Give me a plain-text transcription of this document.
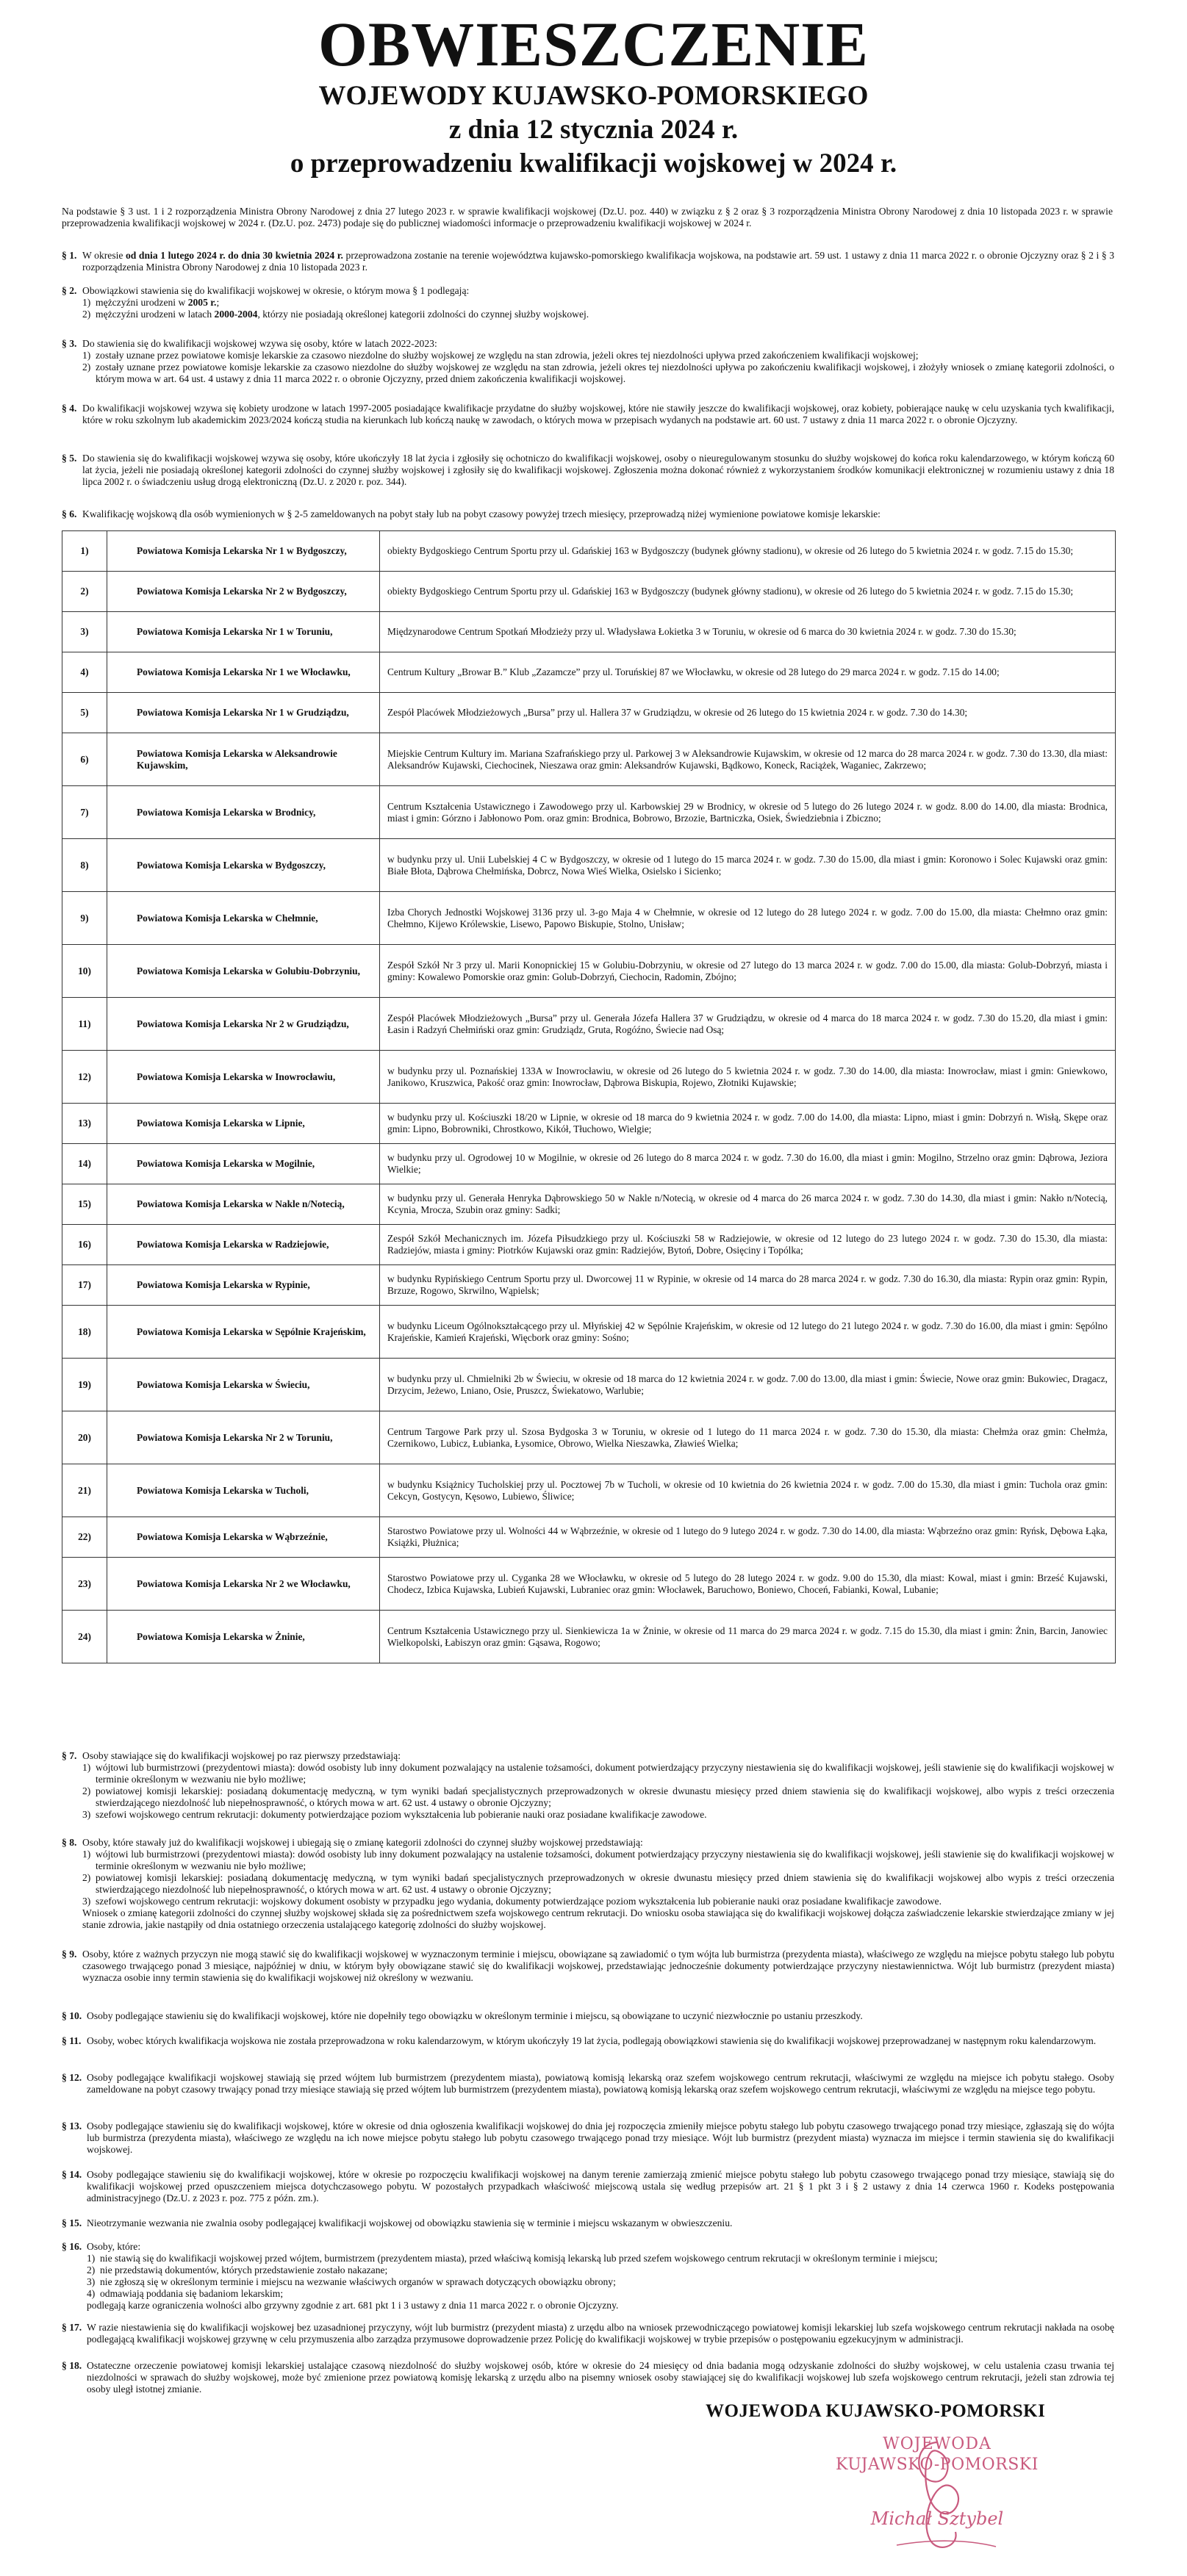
OBWIESZCZENIE
WOJEWODY KUJAWSKO-POMORSKIEGO
z dnia 12 stycznia 2024 r.
o przeprowadzeniu kwalifikacji wojskowej w 2024 r.
Na podstawie § 3 ust. 1 i 2 rozporządzenia Ministra Obrony Narodowej z dnia 27 lutego 2023 r. w sprawie kwalifikacji wojskowej (Dz.U. poz. 440) w związku z § 2 oraz § 3 rozporządzenia Ministra Obrony Narodowej z dnia 10 listopada 2023 r. w sprawie przeprowadzenia kwalifikacji wojskowej w 2024 r. (Dz.U. poz. 2473) podaje się do publicznej wiadomości informacje o przeprowadzeniu kwalifikacji wojskowej w 2024 r.
§ 1. W okresie od dnia 1 lutego 2024 r. do dnia 30 kwietnia 2024 r. przeprowadzona zostanie na terenie województwa kujawsko-pomorskiego kwalifikacja wojskowa, na podstawie art. 59 ust. 1 ustawy z dnia 11 marca 2022 r. o obronie Ojczyzny oraz § 2 i § 3 rozporządzenia Ministra Obrony Narodowej z dnia 10 listopada 2023 r.
§ 2. Obowiązkowi stawienia się do kwalifikacji wojskowej w okresie, o którym mowa § 1 podlegają:
1) mężczyźni urodzeni w 2005 r.;
2) mężczyźni urodzeni w latach 2000-2004, którzy nie posiadają określonej kategorii zdolności do czynnej służby wojskowej.
§ 3. Do stawienia się do kwalifikacji wojskowej wzywa się osoby, które w latach 2022-2023:
1) zostały uznane przez powiatowe komisje lekarskie za czasowo niezdolne do służby wojskowej ze względu na stan zdrowia, jeżeli okres tej niezdolności upływa przed zakończeniem kwalifikacji wojskowej;
2) zostały uznane przez powiatowe komisje lekarskie za czasowo niezdolne do służby wojskowej ze względu na stan zdrowia, jeżeli okres tej niezdolności upływa po zakończeniu kwalifikacji wojskowej, i złożyły wniosek o zmianę kategorii zdolności, o którym mowa w art. 64 ust. 4 ustawy z dnia 11 marca 2022 r. o obronie Ojczyzny, przed dniem zakończenia kwalifikacji wojskowej.
§ 4. Do kwalifikacji wojskowej wzywa się kobiety urodzone w latach 1997-2005 posiadające kwalifikacje przydatne do służby wojskowej, które nie stawiły jeszcze do kwalifikacji wojskowej, oraz kobiety, pobierające naukę w celu uzyskania tych kwalifikacji, które w roku szkolnym lub akademickim 2023/2024 kończą studia na kierunkach lub kończą naukę w zawodach, o których mowa w przepisach wydanych na podstawie art. 60 ust. 7 ustawy z dnia 11 marca 2022 r. o obronie Ojczyzny.
§ 5. Do stawienia się do kwalifikacji wojskowej wzywa się osoby, które ukończyły 18 lat życia i zgłosiły się ochotniczo do kwalifikacji wojskowej, osoby o nieuregulowanym stosunku do służby wojskowej do końca roku kalendarzowego, w którym kończą 60 lat życia, jeżeli nie posiadają określonej kategorii zdolności do czynnej służby wojskowej i zgłosiły się do kwalifikacji wojskowej. Zgłoszenia można dokonać również z wykorzystaniem środków komunikacji elektronicznej w rozumieniu ustawy z dnia 18 lipca 2002 r. o świadczeniu usług drogą elektroniczną (Dz.U. z 2020 r. poz. 344).
§ 6. Kwalifikację wojskową dla osób wymienionych w § 2-5 zameldowanych na pobyt stały lub na pobyt czasowy powyżej trzech miesięcy, przeprowadzą niżej wymienione powiatowe komisje lekarskie:
1)	Powiatowa Komisja Lekarska Nr 1 w Bydgoszczy,	obiekty Bydgoskiego Centrum Sportu przy ul. Gdańskiej 163 w Bydgoszczy (budynek główny stadionu), w okresie od 26 lutego do 5 kwietnia 2024 r. w godz. 7.15 do 15.30;
2)	Powiatowa Komisja Lekarska Nr 2 w Bydgoszczy,	obiekty Bydgoskiego Centrum Sportu przy ul. Gdańskiej 163 w Bydgoszczy (budynek główny stadionu), w okresie od 26 lutego do 5 kwietnia 2024 r. w godz. 7.15 do 15.30;
3)	Powiatowa Komisja Lekarska Nr 1 w Toruniu,	Międzynarodowe Centrum Spotkań Młodzieży przy ul. Władysława Łokietka 3 w Toruniu, w okresie od 6 marca do 30 kwietnia 2024 r. w godz. 7.30 do 15.30;
4)	Powiatowa Komisja Lekarska Nr 1 we Włocławku,	Centrum Kultury „Browar B.” Klub „Zazamcze” przy ul. Toruńskiej 87 we Włocławku, w okresie od 28 lutego do 29 marca 2024 r. w godz. 7.15 do 14.00;
5)	Powiatowa Komisja Lekarska Nr 1 w Grudziądzu,	Zespół Placówek Młodzieżowych „Bursa” przy ul. Hallera 37 w Grudziądzu, w okresie od 26 lutego do 15 kwietnia 2024 r. w godz. 7.30 do 14.30;
6)	Powiatowa Komisja Lekarska w Aleksandrowie Kujawskim,	Miejskie Centrum Kultury im. Mariana Szafrańskiego przy ul. Parkowej 3 w Aleksandrowie Kujawskim, w okresie od 12 marca do 28 marca 2024 r. w godz. 7.30 do 13.30, dla miast: Aleksandrów Kujawski, Ciechocinek, Nieszawa oraz gmin: Aleksandrów Kujawski, Bądkowo, Koneck, Raciążek, Waganiec, Zakrzewo;
7)	Powiatowa Komisja Lekarska w Brodnicy,	Centrum Kształcenia Ustawicznego i Zawodowego przy ul. Karbowskiej 29 w Brodnicy, w okresie od 5 lutego do 26 lutego 2024 r. w godz. 8.00 do 14.00, dla miasta: Brodnica, miast i gmin: Górzno i Jabłonowo Pom. oraz gmin: Brodnica, Bobrowo, Brzozie, Bartniczka, Osiek, Świedziebnia i Zbiczno;
8)	Powiatowa Komisja Lekarska w Bydgoszczy,	w budynku przy ul. Unii Lubelskiej 4 C w Bydgoszczy, w okresie od 1 lutego do 15 marca 2024 r. w godz. 7.30 do 15.00, dla miast i gmin: Koronowo i Solec Kujawski oraz gmin: Białe Błota, Dąbrowa Chełmińska, Dobrcz, Nowa Wieś Wielka, Osielsko i Sicienko;
9)	Powiatowa Komisja Lekarska w Chełmnie,	Izba Chorych Jednostki Wojskowej 3136 przy ul. 3-go Maja 4 w Chełmnie, w okresie od 12 lutego do 28 lutego 2024 r. w godz. 7.00 do 15.00, dla miasta: Chełmno oraz gmin: Chełmno, Kijewo Królewskie, Lisewo, Papowo Biskupie, Stolno, Unisław;
10)	Powiatowa Komisja Lekarska w Golubiu-Dobrzyniu,	Zespół Szkół Nr 3 przy ul. Marii Konopnickiej 15 w Golubiu-Dobrzyniu, w okresie od 27 lutego do 13 marca 2024 r. w godz. 7.00 do 15.00, dla miasta: Golub-Dobrzyń, miasta i gminy: Kowalewo Pomorskie oraz gmin: Golub-Dobrzyń, Ciechocin, Radomin, Zbójno;
11)	Powiatowa Komisja Lekarska Nr 2 w Grudziądzu,	Zespół Placówek Młodzieżowych „Bursa” przy ul. Generała Józefa Hallera 37 w Grudziądzu, w okresie od 4 marca do 18 marca 2024 r. w godz. 7.30 do 15.20, dla miast i gmin: Łasin i Radzyń Chełmiński oraz gmin: Grudziądz, Gruta, Rogóźno, Świecie nad Osą;
12)	Powiatowa Komisja Lekarska w Inowrocławiu,	w budynku przy ul. Poznańskiej 133A w Inowrocławiu, w okresie od 26 lutego do 5 kwietnia 2024 r. w godz. 7.30 do 14.00, dla miasta: Inowrocław, miast i gmin: Gniewkowo, Janikowo, Kruszwica, Pakość oraz gmin: Inowrocław, Dąbrowa Biskupia, Rojewo, Złotniki Kujawskie;
13)	Powiatowa Komisja Lekarska w Lipnie,	w budynku przy ul. Kościuszki 18/20 w Lipnie, w okresie od 18 marca do 9 kwietnia 2024 r. w godz. 7.00 do 14.00, dla miasta: Lipno, miast i gmin: Dobrzyń n. Wisłą, Skępe oraz gmin: Lipno, Bobrowniki, Chrostkowo, Kikół, Tłuchowo, Wielgie;
14)	Powiatowa Komisja Lekarska w Mogilnie,	w budynku przy ul. Ogrodowej 10 w Mogilnie, w okresie od 26 lutego do 8 marca 2024 r. w godz. 7.30 do 16.00, dla miast i gmin: Mogilno, Strzelno oraz gmin: Dąbrowa, Jeziora Wielkie;
15)	Powiatowa Komisja Lekarska w Nakle n/Notecią,	w budynku przy ul. Generała Henryka Dąbrowskiego 50 w Nakle n/Notecią, w okresie od 4 marca do 26 marca 2024 r. w godz. 7.30 do 14.30, dla miast i gmin: Nakło n/Notecią, Kcynia, Mrocza, Szubin oraz gminy: Sadki;
16)	Powiatowa Komisja Lekarska w Radziejowie,	Zespół Szkół Mechanicznych im. Józefa Piłsudzkiego przy ul. Kościuszki 58 w Radziejowie, w okresie od 12 lutego do 23 lutego 2024 r. w godz. 7.30 do 15.30, dla miasta: Radziejów, miasta i gminy: Piotrków Kujawski oraz gmin: Radziejów, Bytoń, Dobre, Osięciny i Topólka;
17)	Powiatowa Komisja Lekarska w Rypinie,	w budynku Rypińskiego Centrum Sportu przy ul. Dworcowej 11 w Rypinie, w okresie od 14 marca do 28 marca 2024 r. w godz. 7.30 do 16.30, dla miasta: Rypin oraz gmin: Rypin, Brzuze, Rogowo, Skrwilno, Wąpielsk;
18)	Powiatowa Komisja Lekarska w Sępólnie Krajeńskim,	w budynku Liceum Ogólnokształcącego przy ul. Młyńskiej 42 w Sępólnie Krajeńskim, w okresie od 12 lutego do 21 lutego 2024 r. w godz. 7.30 do 16.00, dla miast i gmin: Sępólno Krajeńskie, Kamień Krajeński, Więcbork oraz gminy: Sośno;
19)	Powiatowa Komisja Lekarska w Świeciu,	w budynku przy ul. Chmielniki 2b w Świeciu, w okresie od 18 marca do 12 kwietnia 2024 r. w godz. 7.00 do 13.00, dla miast i gmin: Świecie, Nowe oraz gmin: Bukowiec, Dragacz, Drzycim, Jeżewo, Lniano, Osie, Pruszcz, Świekatowo, Warlubie;
20)	Powiatowa Komisja Lekarska Nr 2 w Toruniu,	Centrum Targowe Park przy ul. Szosa Bydgoska 3 w Toruniu, w okresie od 1 lutego do 11 marca 2024 r. w godz. 7.30 do 15.30, dla miasta: Chełmża oraz gmin: Chełmża, Czernikowo, Lubicz, Łubianka, Łysomice, Obrowo, Wielka Nieszawka, Zławieś Wielka;
21)	Powiatowa Komisja Lekarska w Tucholi,	w budynku Książnicy Tucholskiej przy ul. Pocztowej 7b w Tucholi, w okresie od 10 kwietnia do 26 kwietnia 2024 r. w godz. 7.00 do 15.30, dla miast i gmin: Tuchola oraz gmin: Cekcyn, Gostycyn, Kęsowo, Lubiewo, Śliwice;
22)	Powiatowa Komisja Lekarska w Wąbrzeźnie,	Starostwo Powiatowe przy ul. Wolności 44 w Wąbrzeźnie, w okresie od 1 lutego do 9 lutego 2024 r. w godz. 7.30 do 14.00, dla miasta: Wąbrzeźno oraz gmin: Ryńsk, Dębowa Łąka, Książki, Płużnica;
23)	Powiatowa Komisja Lekarska Nr 2 we Włocławku,	Starostwo Powiatowe przy ul. Cyganka 28 we Włocławku, w okresie od 5 lutego do 28 lutego 2024 r. w godz. 9.00 do 15.30, dla miast: Kowal, miast i gmin: Brześć Kujawski, Chodecz, Izbica Kujawska, Lubień Kujawski, Lubraniec oraz gmin: Włocławek, Baruchowo, Boniewo, Choceń, Fabianki, Kowal, Lubanie;
24)	Powiatowa Komisja Lekarska w Żninie,	Centrum Kształcenia Ustawicznego przy ul. Sienkiewicza 1a w Żninie, w okresie od 11 marca do 29 marca 2024 r. w godz. 7.15 do 15.30, dla miast i gmin: Żnin, Barcin, Janowiec Wielkopolski, Łabiszyn oraz gmin: Gąsawa, Rogowo;
§ 7. Osoby stawiające się do kwalifikacji wojskowej po raz pierwszy przedstawiają:
1) wójtowi lub burmistrzowi (prezydentowi miasta): dowód osobisty lub inny dokument pozwalający na ustalenie tożsamości, dokument potwierdzający przyczyny niestawienia się do kwalifikacji wojskowej, jeśli stawienie się do kwalifikacji wojskowej w terminie określonym w wezwaniu nie było możliwe;
2) powiatowej komisji lekarskiej: posiadaną dokumentację medyczną, w tym wyniki badań specjalistycznych przeprowadzonych w okresie dwunastu miesięcy przed dniem stawienia się do kwalifikacji wojskowej, albo wypis z treści orzeczenia stwierdzającego niezdolność lub niepełnosprawność, o których mowa w art. 62 ust. 4 ustawy o obronie Ojczyzny;
3) szefowi wojskowego centrum rekrutacji: dokumenty potwierdzające poziom wykształcenia lub pobieranie nauki oraz posiadane kwalifikacje zawodowe.
§ 8. Osoby, które stawały już do kwalifikacji wojskowej i ubiegają się o zmianę kategorii zdolności do czynnej służby wojskowej przedstawiają:
1) wójtowi lub burmistrzowi (prezydentowi miasta): dowód osobisty lub inny dokument pozwalający na ustalenie tożsamości, dokument potwierdzający przyczyny niestawienia się do kwalifikacji wojskowej, jeśli stawienie się do kwalifikacji wojskowej w terminie określonym w wezwaniu nie było możliwe;
2) powiatowej komisji lekarskiej: posiadaną dokumentację medyczną, w tym wyniki badań specjalistycznych przeprowadzonych w okresie dwunastu miesięcy przed dniem stawienia się do kwalifikacji wojskowej albo wypis z treści orzeczenia stwierdzającego niezdolność lub niepełnosprawność, o których mowa w art. 62 ust. 4 ustawy o obronie Ojczyzny;
3) szefowi wojskowego centrum rekrutacji: wojskowy dokument osobisty w przypadku jego wydania, dokumenty potwierdzające poziom wykształcenia lub pobieranie nauki oraz posiadane kwalifikacje zawodowe.
Wniosek o zmianę kategorii zdolności do czynnej służby wojskowej składa się za pośrednictwem szefa wojskowego centrum rekrutacji. Do wniosku osoba stawiająca się do kwalifikacji wojskowej dołącza zaświadczenie lekarskie stwierdzające zmiany w jej stanie zdrowia, jakie nastąpiły od dnia ostatniego orzeczenia ustalającego kategorię zdolności do służby wojskowej.
§ 9. Osoby, które z ważnych przyczyn nie mogą stawić się do kwalifikacji wojskowej w wyznaczonym terminie i miejscu, obowiązane są zawiadomić o tym wójta lub burmistrza (prezydenta miasta), właściwego ze względu na miejsce pobytu stałego lub pobytu czasowego trwającego ponad 3 miesiące, najpóźniej w dniu, w którym były obowiązane stawić się do kwalifikacji wojskowej, przedstawiając jednocześnie dokumenty potwierdzające przyczyny niestawiennictwa. Wójt lub burmistrz (prezydent miasta) wyznacza osobie inny termin stawienia się do kwalifikacji wojskowej niż określony w wezwaniu.
§ 10. Osoby podlegające stawieniu się do kwalifikacji wojskowej, które nie dopełniły tego obowiązku w określonym terminie i miejscu, są obowiązane to uczynić niezwłocznie po ustaniu przeszkody.
§ 11. Osoby, wobec których kwalifikacja wojskowa nie została przeprowadzona w roku kalendarzowym, w którym ukończyły 19 lat życia, podlegają obowiązkowi stawienia się do kwalifikacji wojskowej przeprowadzanej w następnym roku kalendarzowym.
§ 12. Osoby podlegające kwalifikacji wojskowej stawiają się przed wójtem lub burmistrzem (prezydentem miasta), powiatową komisją lekarską oraz szefem wojskowego centrum rekrutacji, właściwymi ze względu na miejsce ich pobytu stałego. Osoby zameldowane na pobyt czasowy trwający ponad trzy miesiące stawiają się przed wójtem lub burmistrzem (prezydentem miasta), powiatową komisją lekarską oraz szefem wojskowego centrum rekrutacji, właściwymi ze względu na miejsce tego pobytu.
§ 13. Osoby podlegające stawieniu się do kwalifikacji wojskowej, które w okresie od dnia ogłoszenia kwalifikacji wojskowej do dnia jej rozpoczęcia zmieniły miejsce pobytu stałego lub pobytu czasowego trwającego ponad trzy miesiące, zgłaszają się do wójta lub burmistrza (prezydenta miasta), właściwego ze względu na ich nowe miejsce pobytu stałego lub pobytu czasowego trwającego ponad trzy miesiące. Wójt lub burmistrz (prezydent miasta) wyznacza im miejsce i termin stawienia się do kwalifikacji wojskowej.
§ 14. Osoby podlegające stawieniu się do kwalifikacji wojskowej, które w okresie po rozpoczęciu kwalifikacji wojskowej na danym terenie zamierzają zmienić miejsce pobytu stałego lub pobytu czasowego trwającego ponad trzy miesiące, stawiają się do kwalifikacji wojskowej przed opuszczeniem miejsca dotychczasowego pobytu. W pozostałych przypadkach właściwość miejscową ustala się według przepisów art. 21 § 1 pkt 3 i § 2 ustawy z dnia 14 czerwca 1960 r. Kodeks postępowania administracyjnego (Dz.U. z 2023 r. poz. 775 z późn. zm.).
§ 15. Nieotrzymanie wezwania nie zwalnia osoby podlegającej kwalifikacji wojskowej od obowiązku stawienia się w terminie i miejscu wskazanym w obwieszczeniu.
§ 16. Osoby, które:
1) nie stawią się do kwalifikacji wojskowej przed wójtem, burmistrzem (prezydentem miasta), przed właściwą komisją lekarską lub przed szefem wojskowego centrum rekrutacji w określonym terminie i miejscu;
2) nie przedstawią dokumentów, których przedstawienie zostało nakazane;
3) nie zgłoszą się w określonym terminie i miejscu na wezwanie właściwych organów w sprawach dotyczących obowiązku obrony;
4) odmawiają poddania się badaniom lekarskim;
podlegają karze ograniczenia wolności albo grzywny zgodnie z art. 681 pkt 1 i 3 ustawy z dnia 11 marca 2022 r. o obronie Ojczyzny.
§ 17. W razie niestawienia się do kwalifikacji wojskowej bez uzasadnionej przyczyny, wójt lub burmistrz (prezydent miasta) z urzędu albo na wniosek przewodniczącego powiatowej komisji lekarskiej lub szefa wojskowego centrum rekrutacji nakłada na osobę podlegającą kwalifikacji wojskowej grzywnę w celu przymuszenia albo zarządza przymusowe doprowadzenie przez Policję do kwalifikacji wojskowej w trybie przepisów o postępowaniu egzekucyjnym w administracji.
§ 18. Ostateczne orzeczenie powiatowej komisji lekarskiej ustalające czasową niezdolność do służby wojskowej osób, które w okresie do 24 miesięcy od dnia badania mogą odzyskanie zdolności do służby wojskowej, w celu ustalenia czasu trwania tej niezdolności w sprawach do służby wojskowej, może być zmienione przez powiatową komisję lekarską z urzędu albo na pisemny wniosek osoby stawiającej się do kwalifikacji wojskowej lub szefa wojskowego centrum rekrutacji, jeżeli stan zdrowia tej osoby uległ istotnej zmianie.
WOJEWODA KUJAWSKO-POMORSKI
WOJEWODA
KUJAWSKO-POMORSKI
Michał Sztybel
